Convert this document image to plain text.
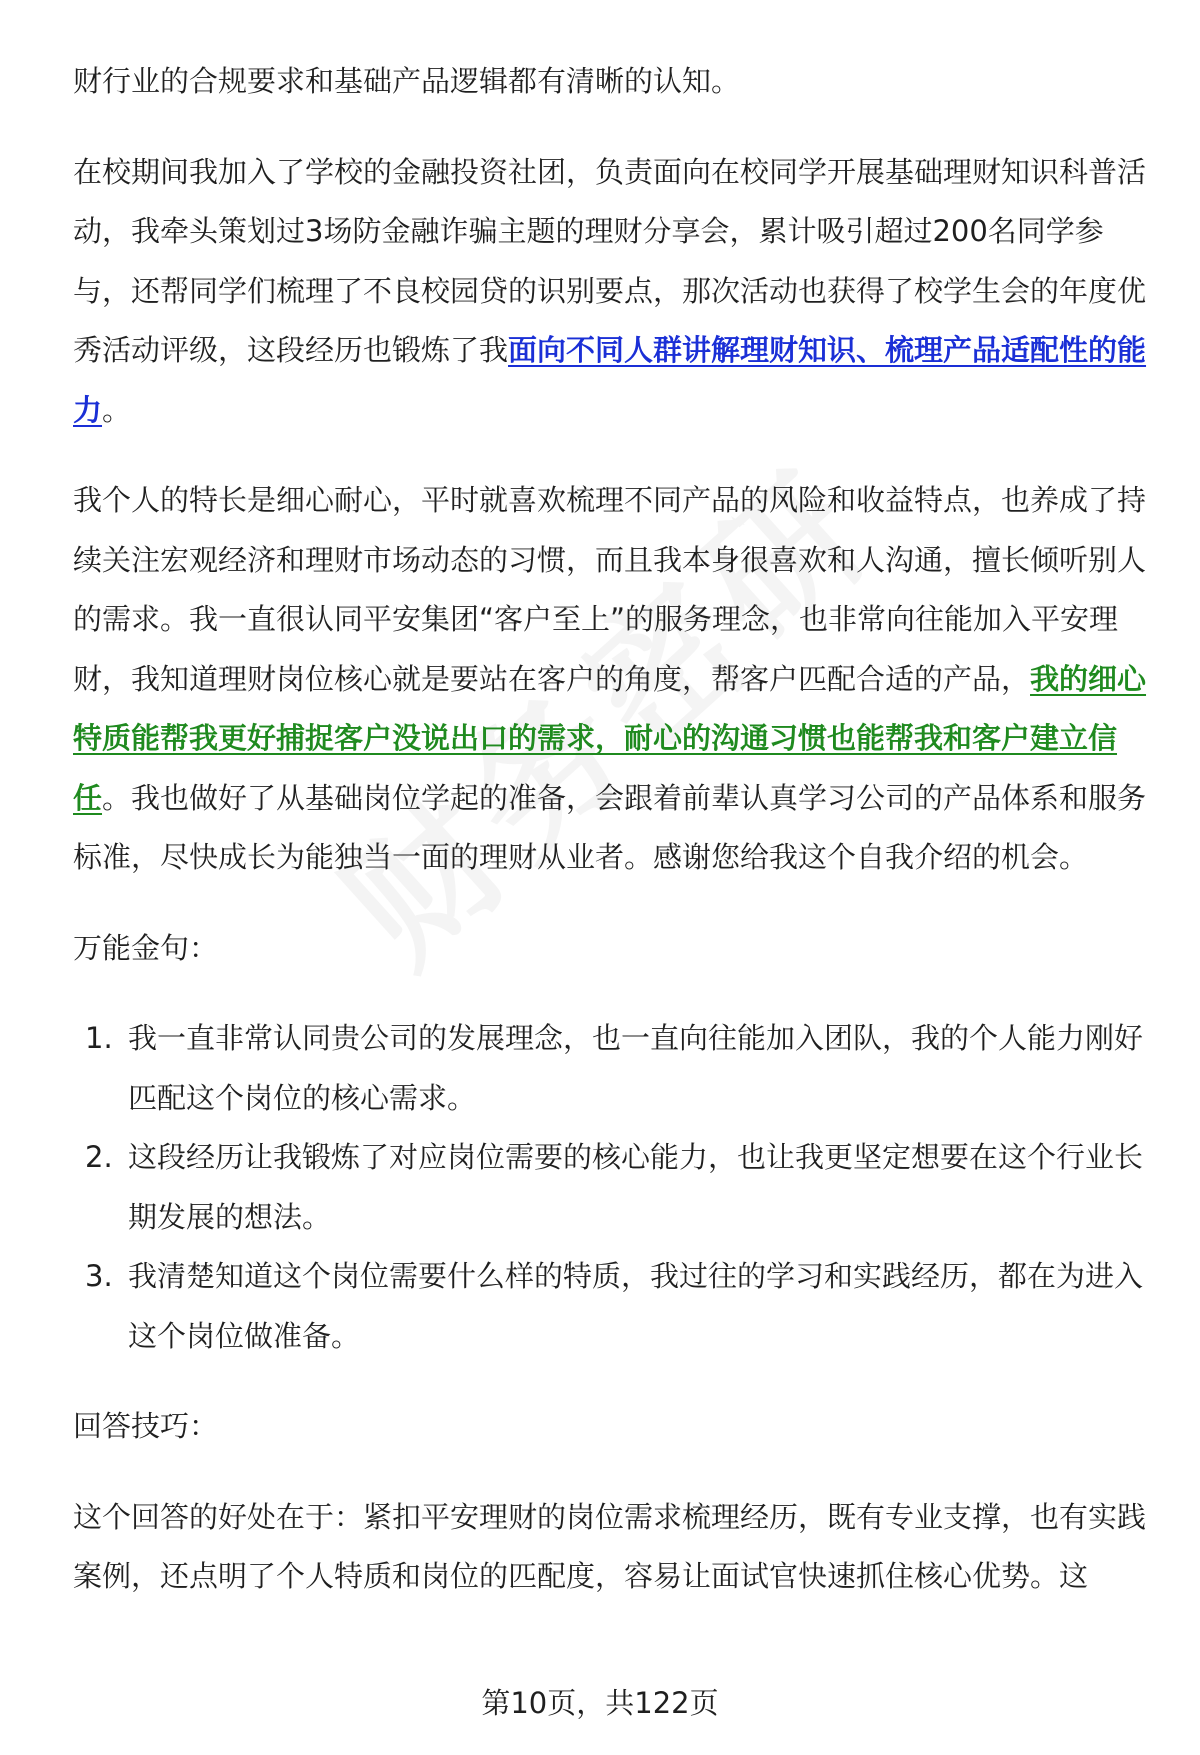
财行业的合规要求和基础产品逻辑都有清晰的认知。

在校期间我加入了学校的金融投资社团，负责面向在校同学开展基础理财知识科普活动，我牵头策划过3场防金融诈骗主题的理财分享会，累计吸引超过200名同学参与，还帮同学们梳理了不良校园贷的识别要点，那次活动也获得了校学生会的年度优秀活动评级，这段经历也锻炼了我面向不同人群讲解理财知识、梳理产品适配性的能力。

我个人的特长是细心耐心，平时就喜欢梳理不同产品的风险和收益特点，也养成了持续关注宏观经济和理财市场动态的习惯，而且我本身很喜欢和人沟通，擅长倾听别人的需求。我一直很认同平安集团“客户至上”的服务理念，也非常向往能加入平安理财，我知道理财岗位核心就是要站在客户的角度，帮客户匹配合适的产品，我的细心特质能帮我更好捕捉客户没说出口的需求，耐心的沟通习惯也能帮我和客户建立信任。我也做好了从基础岗位学起的准备，会跟着前辈认真学习公司的产品体系和服务标准，尽快成长为能独当一面的理财从业者。感谢您给我这个自我介绍的机会。

万能金句：

1. 我一直非常认同贵公司的发展理念，也一直向往能加入团队，我的个人能力刚好匹配这个岗位的核心需求。
2. 这段经历让我锻炼了对应岗位需要的核心能力，也让我更坚定想要在这个行业长期发展的想法。
3. 我清楚知道这个岗位需要什么样的特质，我过往的学习和实践经历，都在为进入这个岗位做准备。

回答技巧：

这个回答的好处在于：紧扣平安理财的岗位需求梳理经历，既有专业支撑，也有实践案例，还点明了个人特质和岗位的匹配度，容易让面试官快速抓住核心优势。这

第10页，共122页
